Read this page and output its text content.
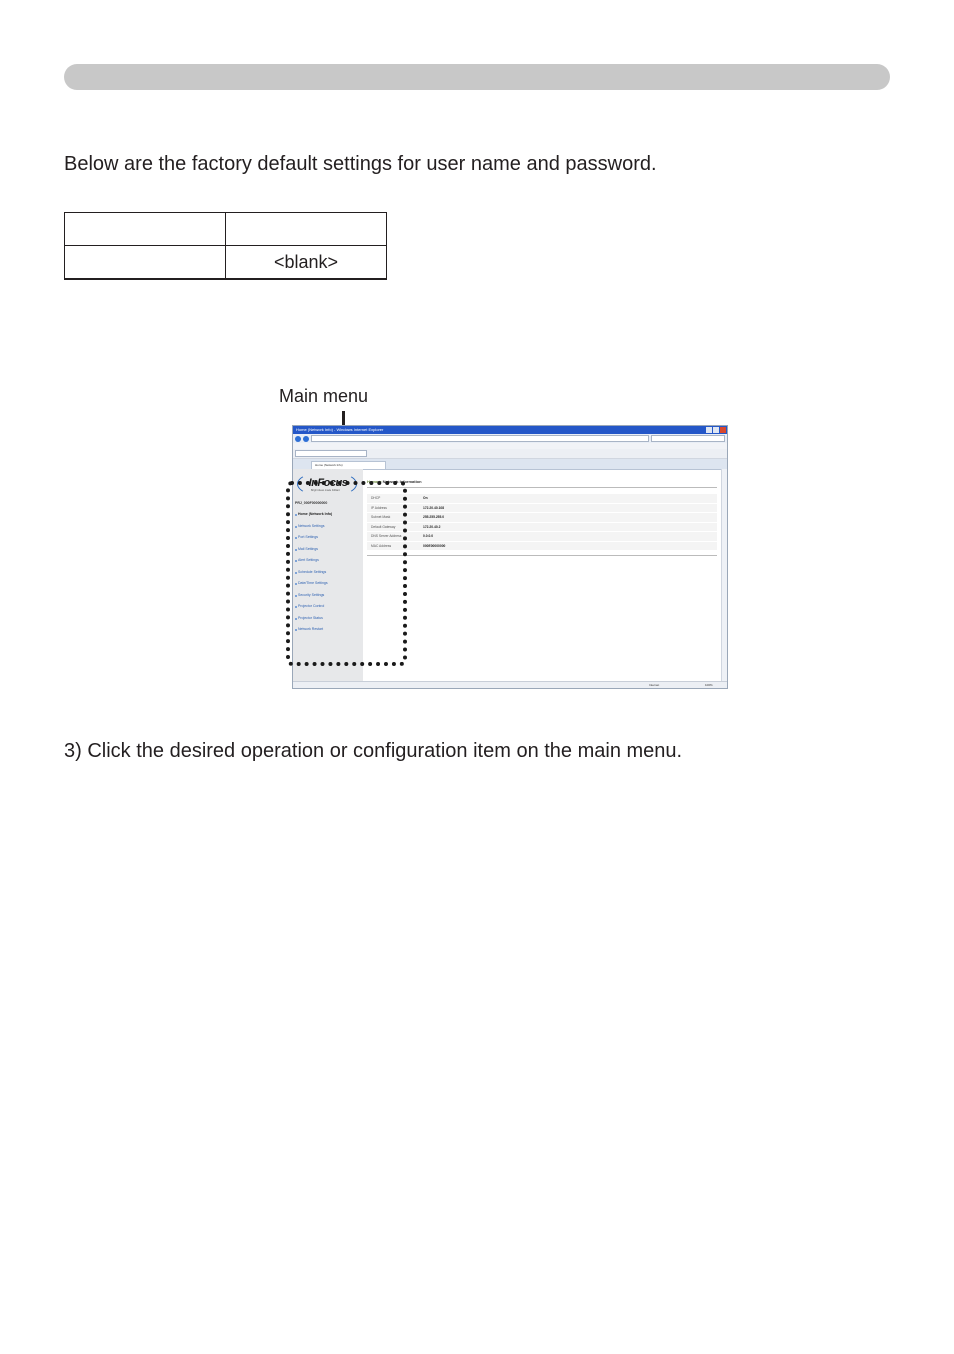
Below are the factory default settings for user name and password.

	<blank>
Main menu
Home (Network Info) - Windows Internet Explorer
Home (Network Info)
InFocus
Bright ideas made brilliant
PRJ_000F00000000
Home (Network Info)
Network Settings
Port Settings
Mail Settings
Alert Settings
Schedule Settings
Date/Time Settings
Security Settings
Projector Control
Projector Status
Network Restart
Home > Network Information
DHCP	On
IP Address	172.20.40.108
Subnet Mask	255.255.255.0
Default Gateway	172.20.40.2
DNS Server Address	0.0.0.0
MAC Address	000E00000000
Internet	100%
3) Click the desired operation or configuration item on the main menu.
